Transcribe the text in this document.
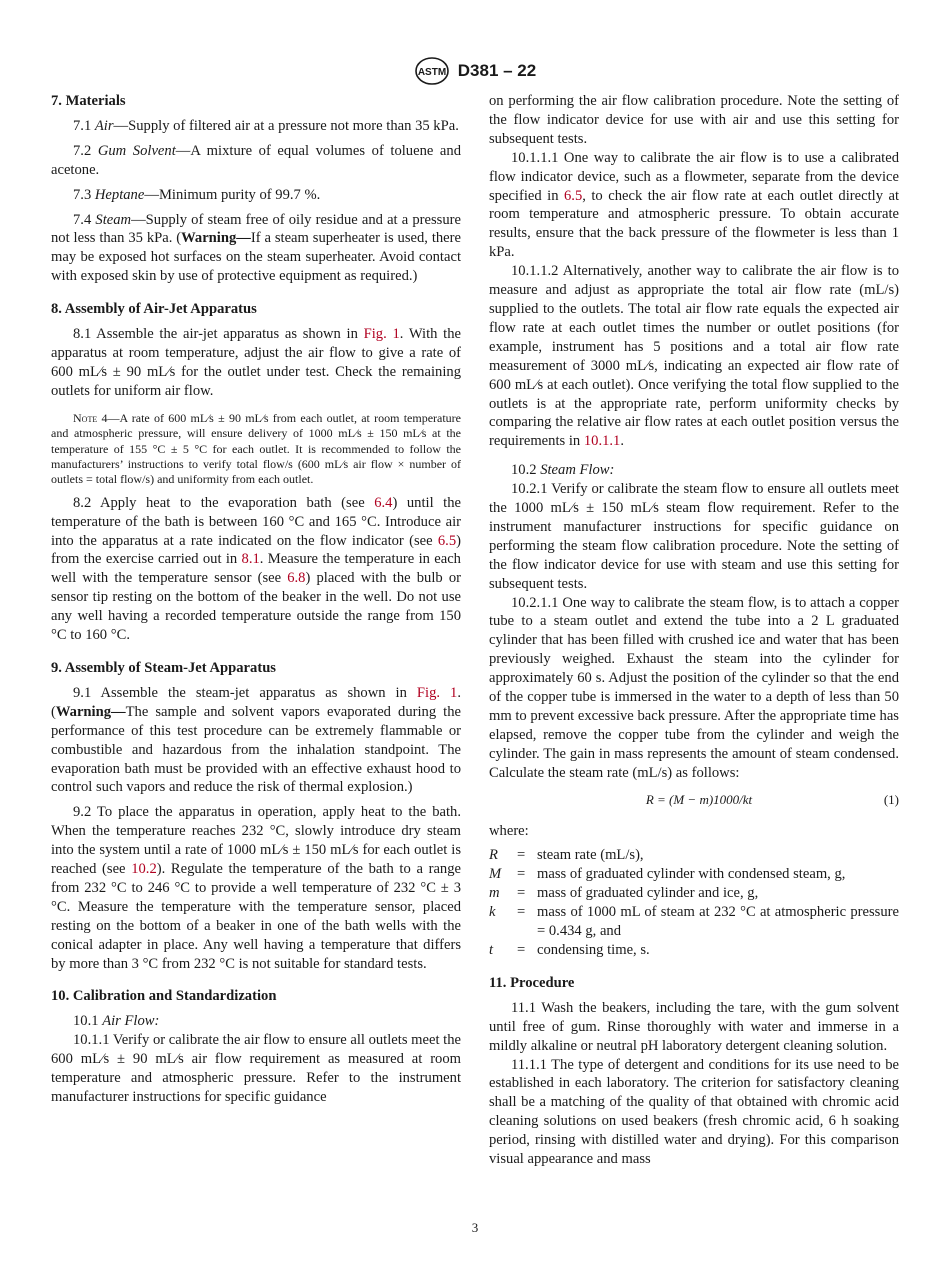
ASTM D381 – 22
7. Materials

7.1 Air—Supply of filtered air at a pressure not more than 35 kPa.

7.2 Gum Solvent—A mixture of equal volumes of toluene and acetone.

7.3 Heptane—Minimum purity of 99.7 %.

7.4 Steam—Supply of steam free of oily residue and at a pressure not less than 35 kPa. (Warning—If a steam superheater is used, there may be exposed hot surfaces on the steam superheater. Avoid contact with exposed skin by use of protective equipment as required.)

8. Assembly of Air-Jet Apparatus

8.1 Assemble the air-jet apparatus as shown in Fig. 1. With the apparatus at room temperature, adjust the air flow to give a rate of 600 mL⁄s ± 90 mL⁄s for the outlet under test. Check the remaining outlets for uniform air flow.

Note 4—A rate of 600 mL⁄s ± 90 mL⁄s from each outlet, at room temperature and atmospheric pressure, will ensure delivery of 1000 mL⁄s ± 150 mL⁄s at the temperature of 155 °C ± 5 °C for each outlet. It is recommended to follow the manufacturers’ instructions to verify total flow/s (600 mL⁄s air flow × number of outlets = total flow/s) and uniformity from each outlet.

8.2 Apply heat to the evaporation bath (see 6.4) until the temperature of the bath is between 160 °C and 165 °C. Introduce air into the apparatus at a rate indicated on the flow indicator (see 6.5) from the exercise carried out in 8.1. Measure the temperature in each well with the temperature sensor (see 6.8) placed with the bulb or sensor tip resting on the bottom of the beaker in the well. Do not use any well having a recorded temperature outside the range from 150 °C to 160 °C.

9. Assembly of Steam-Jet Apparatus

9.1 Assemble the steam-jet apparatus as shown in Fig. 1. (Warning—The sample and solvent vapors evaporated during the performance of this test procedure can be extremely flammable or combustible and hazardous from the inhalation standpoint. The evaporation bath must be provided with an effective exhaust hood to control such vapors and reduce the risk of thermal explosion.)

9.2 To place the apparatus in operation, apply heat to the bath. When the temperature reaches 232 °C, slowly introduce dry steam into the system until a rate of 1000 mL⁄s ± 150 mL⁄s for each outlet is reached (see 10.2). Regulate the temperature of the bath to a range from 232 °C to 246 °C to provide a well temperature of 232 °C ± 3 °C. Measure the temperature with the temperature sensor, placed resting on the bottom of a beaker in one of the bath wells with the conical adapter in place. Any well having a temperature that differs by more than 3 °C from 232 °C is not suitable for standard tests.

10. Calibration and Standardization

10.1 Air Flow:

10.1.1 Verify or calibrate the air flow to ensure all outlets meet the 600 mL⁄s ± 90 mL⁄s air flow requirement as measured at room temperature and atmospheric pressure. Refer to the instrument manufacturer instructions for specific guidance

on performing the air flow calibration procedure. Note the setting of the flow indicator device for use with air and use this setting for subsequent tests.

10.1.1.1 One way to calibrate the air flow is to use a calibrated flow indicator device, such as a flowmeter, separate from the device specified in 6.5, to check the air flow rate at each outlet directly at room temperature and atmospheric pressure. To obtain accurate results, ensure that the back pressure of the flowmeter is less than 1 kPa.

10.1.1.2 Alternatively, another way to calibrate the air flow is to measure and adjust as appropriate the total air flow rate (mL/s) supplied to the outlets. The total air flow rate equals the expected air flow rate at each outlet times the number or outlet positions (for example, instrument has 5 positions and a total air flow rate measurement of 3000 mL⁄s, indicating an expected air flow rate of 600 mL⁄s at each outlet). Once verifying the total flow supplied to the outlets is at the appropriate rate, perform uniformity checks by comparing the relative air flow rates at each outlet position versus the requirements in 10.1.1.

10.2 Steam Flow:

10.2.1 Verify or calibrate the steam flow to ensure all outlets meet the 1000 mL⁄s ± 150 mL⁄s steam flow requirement. Refer to the instrument manufacturer instructions for specific guidance on performing the steam flow calibration procedure. Note the setting of the flow indicator device for use with steam and use this setting for subsequent tests.

10.2.1.1 One way to calibrate the steam flow, is to attach a copper tube to a steam outlet and extend the tube into a 2 L graduated cylinder that has been filled with crushed ice and water that has been previously weighed. Exhaust the steam into the cylinder for approximately 60 s. Adjust the position of the cylinder so that the end of the copper tube is immersed in the water to a depth of less than 50 mm to prevent excessive back pressure. After the appropriate time has elapsed, remove the copper tube from the cylinder and weigh the cylinder. The gain in mass represents the amount of steam condensed. Calculate the steam rate (mL/s) as follows:

R = (M − m)1000/kt	(1)

where:

R	= steam rate (mL/s),
M	= mass of graduated cylinder with condensed steam, g,
m	= mass of graduated cylinder and ice, g,
k	= mass of 1000 mL of steam at 232 °C at atmospheric pressure = 0.434 g, and
t	= condensing time, s.
11. Procedure

11.1 Wash the beakers, including the tare, with the gum solvent until free of gum. Rinse thoroughly with water and immerse in a mildly alkaline or neutral pH laboratory detergent cleaning solution.

11.1.1 The type of detergent and conditions for its use need to be established in each laboratory. The criterion for satisfactory cleaning shall be a matching of the quality of that obtained with chromic acid cleaning solutions on used beakers (fresh chromic acid, 6 h soaking period, rinsing with distilled water and drying). For this comparison visual appearance and mass

3
